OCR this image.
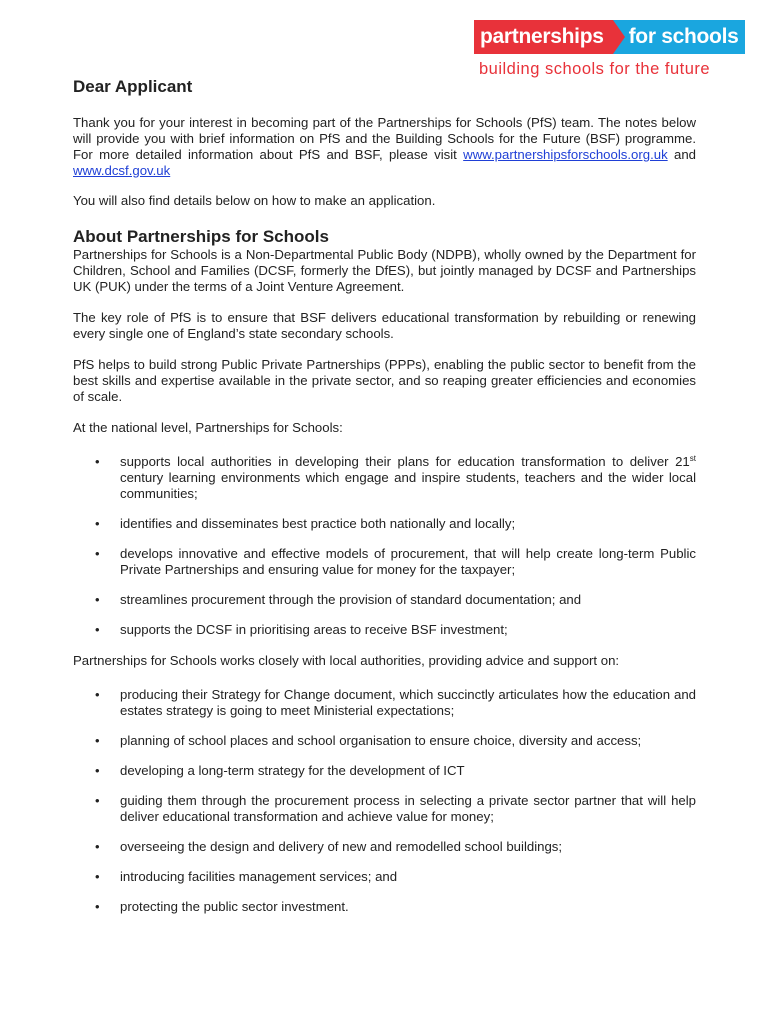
partnerships	for schools
building schools for the future
Dear Applicant

Thank you for your interest in becoming part of the Partnerships for Schools (PfS) team. The notes below will provide you with brief information on PfS and the Building Schools for the Future (BSF) programme. For more detailed information about PfS and BSF, please visit www.partnershipsforschools.org.uk and www.dcsf.gov.uk

You will also find details below on how to make an application.

About Partnerships for Schools

Partnerships for Schools is a Non-Departmental Public Body (NDPB), wholly owned by the Department for Children, School and Families (DCSF, formerly the DfES), but jointly managed by DCSF and Partnerships UK (PUK) under the terms of a Joint Venture Agreement.

The key role of PfS is to ensure that BSF delivers educational transformation by rebuilding or renewing every single one of England’s state secondary schools.

PfS helps to build strong Public Private Partnerships (PPPs), enabling the public sector to benefit from the best skills and expertise available in the private sector, and so reaping greater efficiencies and economies of scale.

At the national level, Partnerships for Schools:

• supports local authorities in developing their plans for education transformation to deliver 21st century learning environments which engage and inspire students, teachers and the wider local communities;
• identifies and disseminates best practice both nationally and locally;
• develops innovative and effective models of procurement, that will help create long-term Public Private Partnerships and ensuring value for money for the taxpayer;
• streamlines procurement through the provision of standard documentation; and
• supports the DCSF in prioritising areas to receive BSF investment;

Partnerships for Schools works closely with local authorities, providing advice and support on:

• producing their Strategy for Change document, which succinctly articulates how the education and estates strategy is going to meet Ministerial expectations;
• planning of school places and school organisation to ensure choice, diversity and access;
• developing a long-term strategy for the development of ICT
• guiding them through the procurement process in selecting a private sector partner that will help deliver educational transformation and achieve value for money;
• overseeing the design and delivery of new and remodelled school buildings;
• introducing facilities management services; and
• protecting the public sector investment.
